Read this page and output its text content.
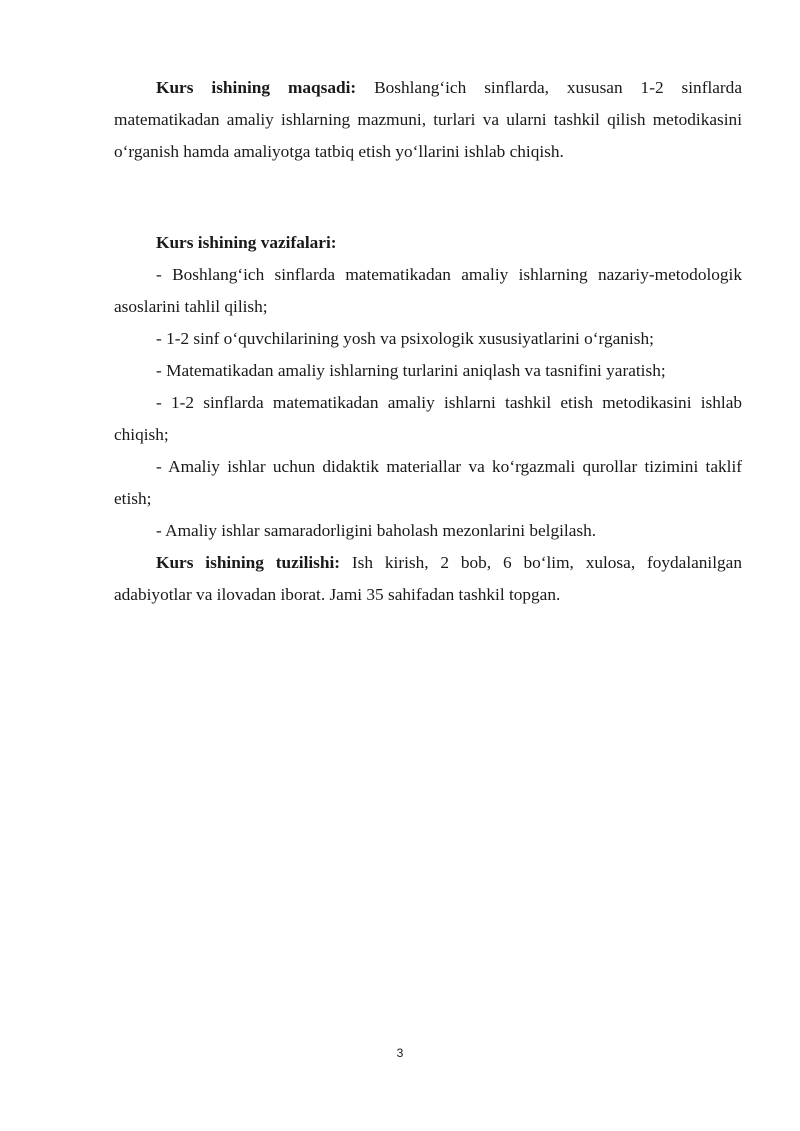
Kurs ishining maqsadi: Boshlang‘ich sinflarda, xususan 1-2 sinflarda matematikadan amaliy ishlarning mazmuni, turlari va ularni tashkil qilish metodikasini o‘rganish hamda amaliyotga tatbiq etish yo‘llarini ishlab chiqish.

Kurs ishining vazifalari:

- Boshlang‘ich sinflarda matematikadan amaliy ishlarning nazariy-metodologik asoslarini tahlil qilish;

- 1-2 sinf o‘quvchilarining yosh va psixologik xususiyatlarini o‘rganish;

- Matematikadan amaliy ishlarning turlarini aniqlash va tasnifini yaratish;

- 1-2 sinflarda matematikadan amaliy ishlarni tashkil etish metodikasini ishlab chiqish;

- Amaliy ishlar uchun didaktik materiallar va ko‘rgazmali qurollar tizimini taklif etish;

- Amaliy ishlar samaradorligini baholash mezonlarini belgilash.

Kurs ishining tuzilishi: Ish kirish, 2 bob, 6 bo‘lim, xulosa, foydalanilgan adabiyotlar va ilovadan iborat. Jami 35 sahifadan tashkil topgan.

3
